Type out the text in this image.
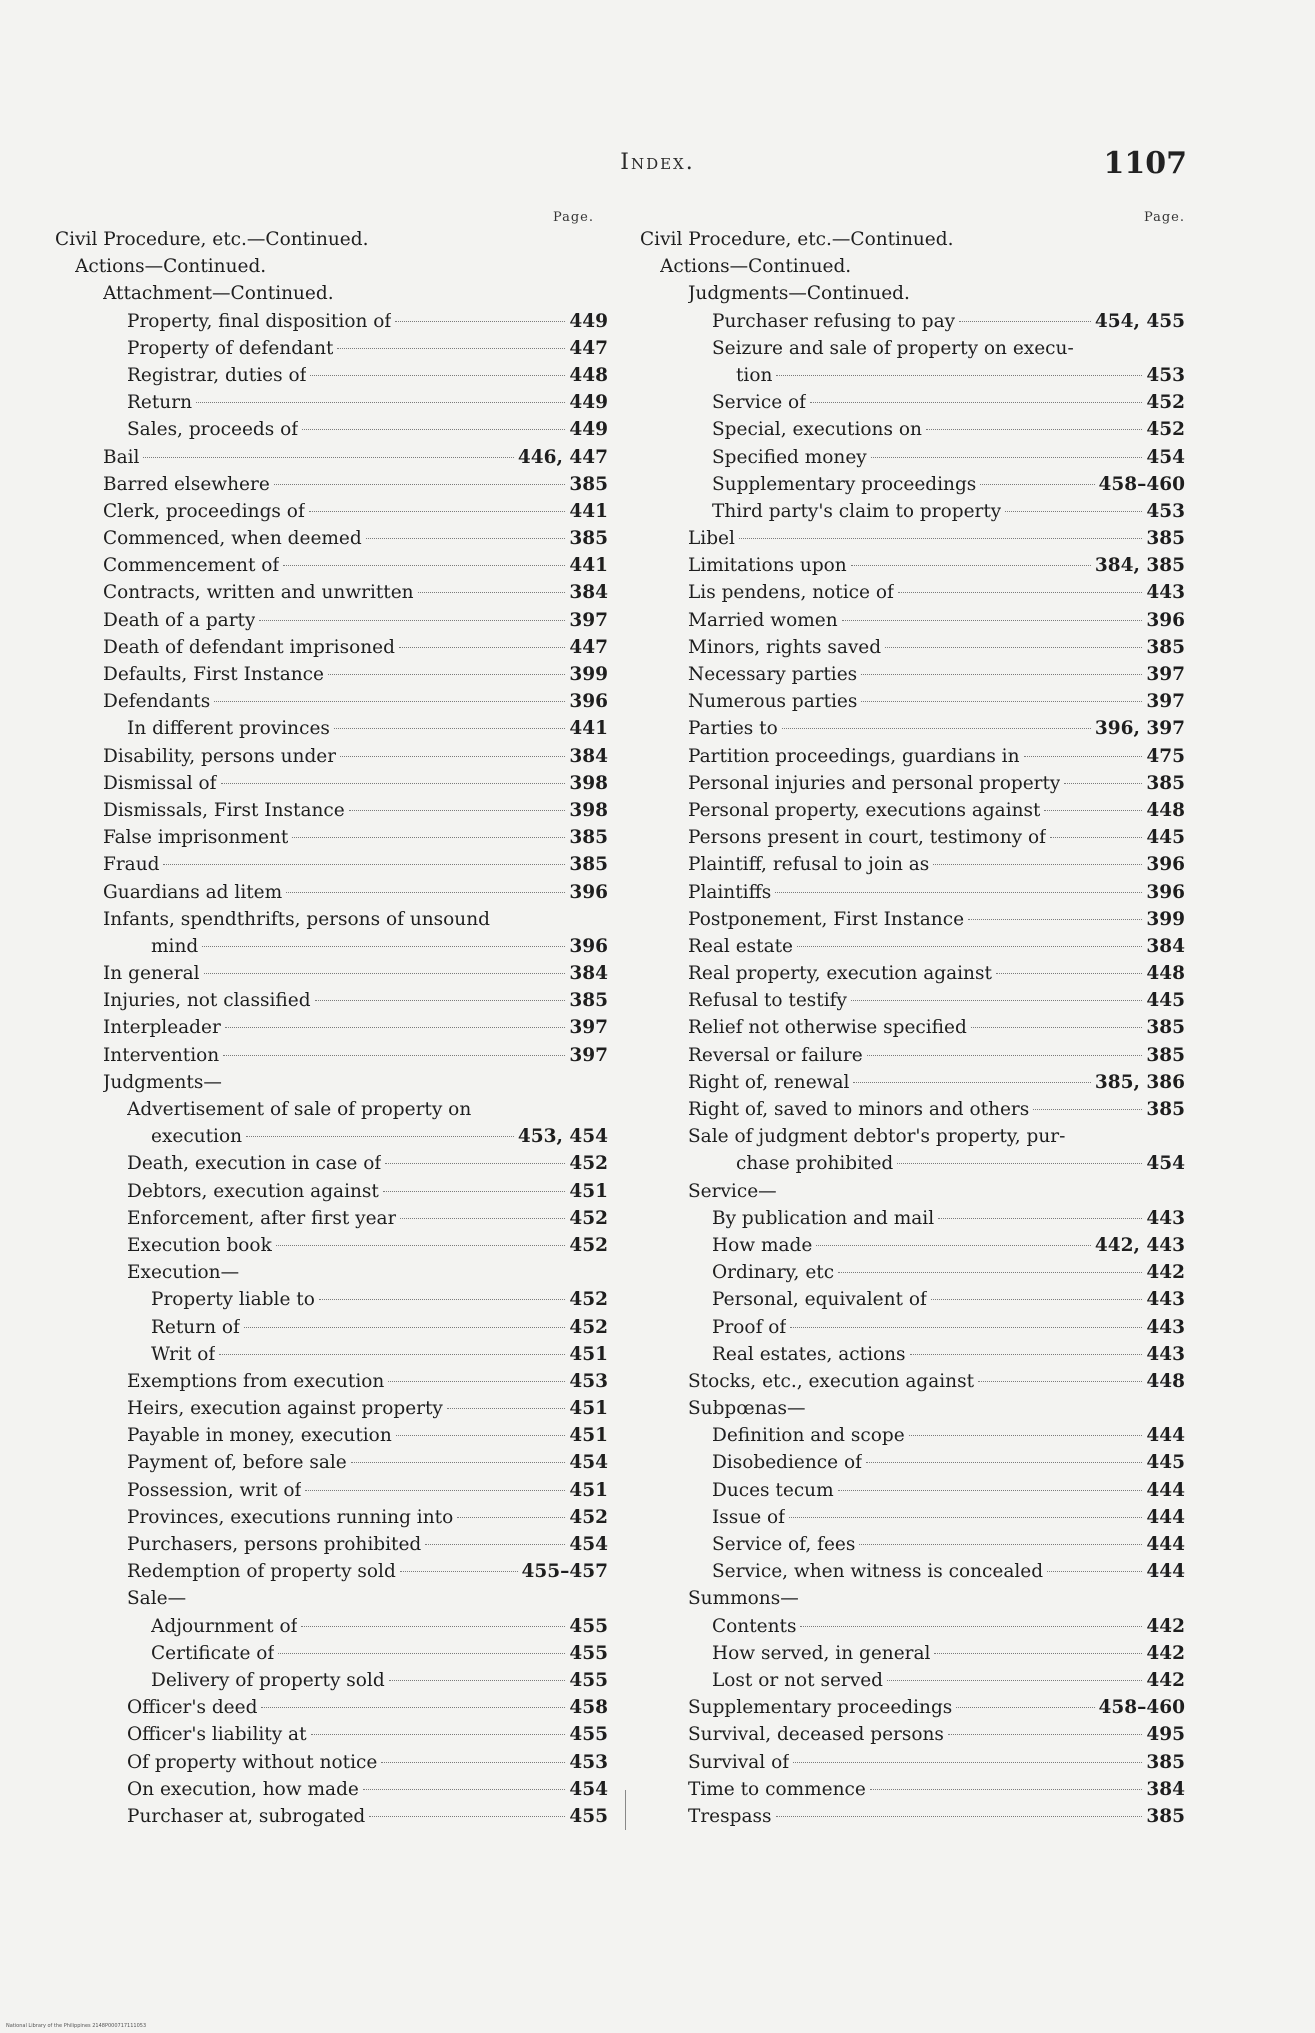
Index.	1107
Page.
Civil Procedure, etc.—Continued.
Actions—Continued.
Attachment—Continued.
Property, final disposition of	449
Property of defendant	447
Registrar, duties of	448
Return	449
Sales, proceeds of	449
Bail	446, 447
Barred elsewhere	385
Clerk, proceedings of	441
Commenced, when deemed	385
Commencement of	441
Contracts, written and unwritten	384
Death of a party	397
Death of defendant imprisoned	447
Defaults, First Instance	399
Defendants	396
In different provinces	441
Disability, persons under	384
Dismissal of	398
Dismissals, First Instance	398
False imprisonment	385
Fraud	385
Guardians ad litem	396
Infants, spendthrifts, persons of unsound
mind	396
In general	384
Injuries, not classified	385
Interpleader	397
Intervention	397
Judgments—
Advertisement of sale of property on
execution	453, 454
Death, execution in case of	452
Debtors, execution against	451
Enforcement, after first year	452
Execution book	452
Execution—
Property liable to	452
Return of	452
Writ of	451
Exemptions from execution	453
Heirs, execution against property	451
Payable in money, execution	451
Payment of, before sale	454
Possession, writ of	451
Provinces, executions running into	452
Purchasers, persons prohibited	454
Redemption of property sold	455–457
Sale—
Adjournment of	455
Certificate of	455
Delivery of property sold	455
Officer's deed	458
Officer's liability at	455
Of property without notice	453
On execution, how made	454
Purchaser at, subrogated	455
Page.
Civil Procedure, etc.—Continued.
Actions—Continued.
Judgments—Continued.
Purchaser refusing to pay	454, 455
Seizure and sale of property on execu-
tion	453
Service of	452
Special, executions on	452
Specified money	454
Supplementary proceedings	458–460
Third party's claim to property	453
Libel	385
Limitations upon	384, 385
Lis pendens, notice of	443
Married women	396
Minors, rights saved	385
Necessary parties	397
Numerous parties	397
Parties to	396, 397
Partition proceedings, guardians in	475
Personal injuries and personal property	385
Personal property, executions against	448
Persons present in court, testimony of	445
Plaintiff, refusal to join as	396
Plaintiffs	396
Postponement, First Instance	399
Real estate	384
Real property, execution against	448
Refusal to testify	445
Relief not otherwise specified	385
Reversal or failure	385
Right of, renewal	385, 386
Right of, saved to minors and others	385
Sale of judgment debtor's property, pur-
chase prohibited	454
Service—
By publication and mail	443
How made	442, 443
Ordinary, etc	442
Personal, equivalent of	443
Proof of	443
Real estates, actions	443
Stocks, etc., execution against	448
Subpœnas—
Definition and scope	444
Disobedience of	445
Duces tecum	444
Issue of	444
Service of, fees	444
Service, when witness is concealed	444
Summons—
Contents	442
How served, in general	442
Lost or not served	442
Supplementary proceedings	458–460
Survival, deceased persons	495
Survival of	385
Time to commence	384
Trespass	385
National Library of the Philippines 2148P000717111053
